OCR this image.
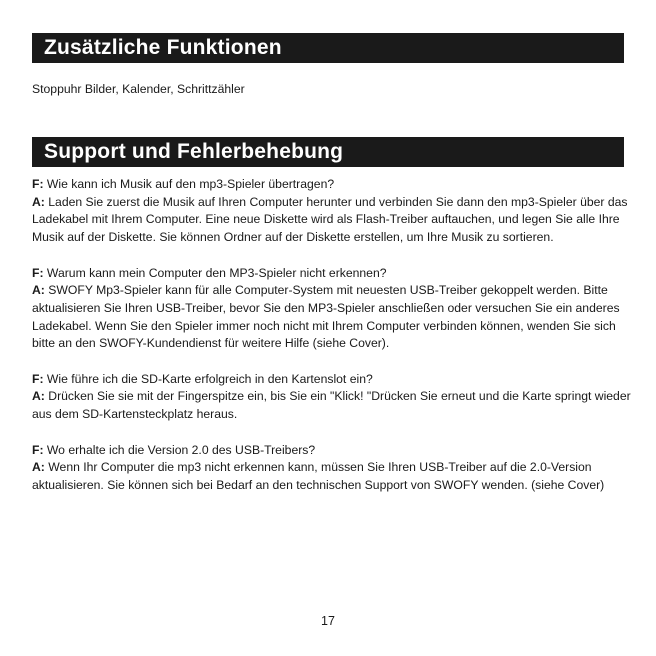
Zusätzliche Funktionen

Stoppuhr Bilder, Kalender, Schrittzähler

Support und Fehlerbehebung

F: Wie kann ich Musik auf den mp3-Spieler übertragen?

A: Laden Sie zuerst die Musik auf Ihren Computer herunter und verbinden Sie dann den mp3-Spieler über das Ladekabel mit Ihrem Computer. Eine neue Diskette wird als Flash-Treiber auftauchen, und legen Sie alle Ihre Musik auf der Diskette. Sie können Ordner auf der Diskette erstellen, um Ihre Musik zu sortieren.

F: Warum kann mein Computer den MP3-Spieler nicht erkennen?

A: SWOFY Mp3-Spieler kann für alle Computer-System mit neuesten USB-Treiber gekoppelt werden. Bitte aktualisieren Sie Ihren USB-Treiber, bevor Sie den MP3-Spieler anschließen oder versuchen Sie ein anderes Ladekabel. Wenn Sie den Spieler immer noch nicht mit Ihrem Computer verbinden können, wenden Sie sich bitte an den SWOFY-Kundendienst für weitere Hilfe (siehe Cover).

F: Wie führe ich die SD-Karte erfolgreich in den Kartenslot ein?

A: Drücken Sie sie mit der Fingerspitze ein, bis Sie ein "Klick! "Drücken Sie erneut und die Karte springt wieder aus dem SD-Kartensteckplatz heraus.

F: Wo erhalte ich die Version 2.0 des USB-Treibers?

A: Wenn Ihr Computer die mp3 nicht erkennen kann, müssen Sie Ihren USB-Treiber auf die 2.0-Version aktualisieren. Sie können sich bei Bedarf an den technischen Support von SWOFY wenden. (siehe Cover)

17
